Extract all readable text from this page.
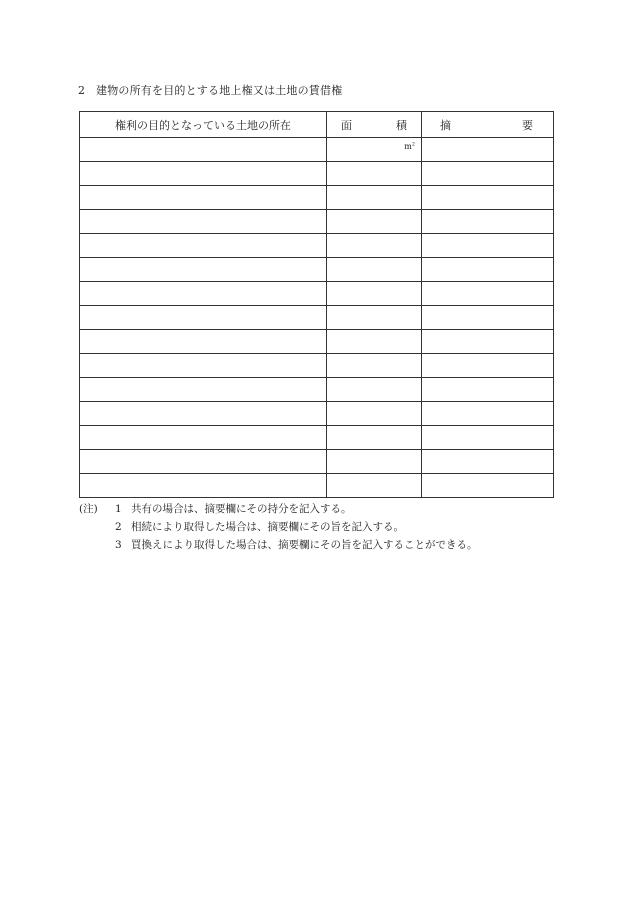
2 建物の所有を目的とする地上権又は土地の賃借権
権利の目的となっている土地の所在	面 積	摘 要

	$m^2$	

(注)	1 共有の場合は、摘要欄にその持分を記入する。
2 相続により取得した場合は、摘要欄にその旨を記入する。
3 買換えにより取得した場合は、摘要欄にその旨を記入することができる。
